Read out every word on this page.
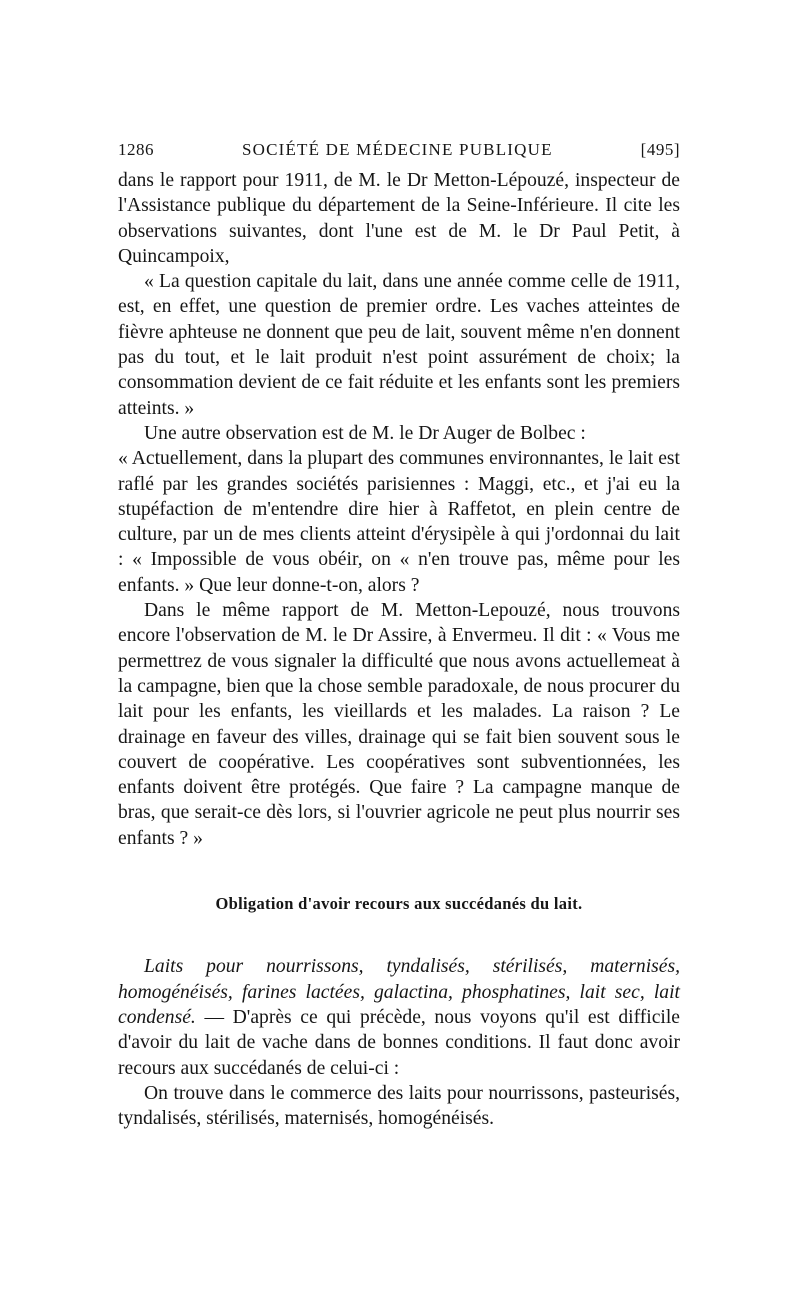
1286	SOCIÉTÉ DE MÉDECINE PUBLIQUE	[495]

dans le rapport pour 1911, de M. le Dr Metton-Lépouzé, inspecteur de l'Assistance publique du département de la Seine-Inférieure. Il cite les observations suivantes, dont l'une est de M. le Dr Paul Petit, à Quincampoix,

« La question capitale du lait, dans une année comme celle de 1911, est, en effet, une question de premier ordre. Les vaches atteintes de fièvre aphteuse ne donnent que peu de lait, souvent même n'en donnent pas du tout, et le lait produit n'est point assurément de choix; la consommation devient de ce fait réduite et les enfants sont les premiers atteints. »

Une autre observation est de M. le Dr Auger de Bolbec :

« Actuellement, dans la plupart des communes environnantes, le lait est raflé par les grandes sociétés parisiennes : Maggi, etc., et j'ai eu la stupéfaction de m'entendre dire hier à Raffetot, en plein centre de culture, par un de mes clients atteint d'érysipèle à qui j'ordonnai du lait : « Impossible de vous obéir, on « n'en trouve pas, même pour les enfants. » Que leur donne-t-on, alors ?

Dans le même rapport de M. Metton-Lepouzé, nous trouvons encore l'observation de M. le Dr Assire, à Envermeu. Il dit : « Vous me permettrez de vous signaler la difficulté que nous avons actuellemeat à la campagne, bien que la chose semble paradoxale, de nous procurer du lait pour les enfants, les vieillards et les malades. La raison ? Le drainage en faveur des villes, drainage qui se fait bien souvent sous le couvert de coopérative. Les coopératives sont subventionnées, les enfants doivent être protégés. Que faire ? La campagne manque de bras, que serait-ce dès lors, si l'ouvrier agricole ne peut plus nourrir ses enfants ? »

Obligation d'avoir recours aux succédanés du lait.

Laits pour nourrissons, tyndalisés, stérilisés, maternisés, homogénéisés, farines lactées, galactina, phosphatines, lait sec, lait condensé. — D'après ce qui précède, nous voyons qu'il est difficile d'avoir du lait de vache dans de bonnes conditions. Il faut donc avoir recours aux succédanés de celui-ci :

On trouve dans le commerce des laits pour nourrissons, pasteurisés, tyndalisés, stérilisés, maternisés, homogénéisés.
